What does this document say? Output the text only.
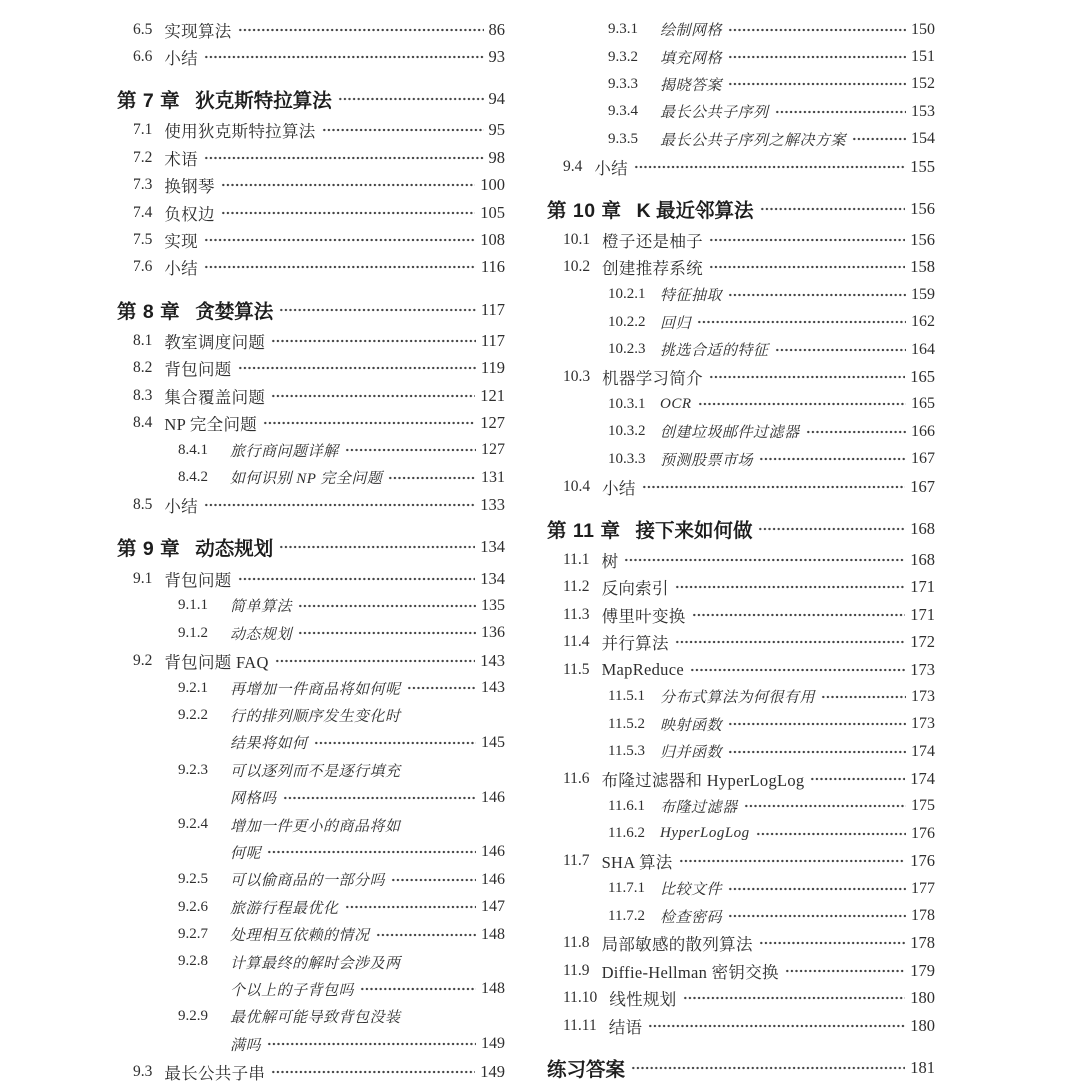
6.5 实现算法	86
6.6 小结	93
第 7 章 狄克斯特拉算法	94
7.1 使用狄克斯特拉算法	95
7.2 术语	98
7.3 换钢琴	100
7.4 负权边	105
7.5 实现	108
7.6 小结	116
第 8 章 贪婪算法	117
8.1 教室调度问题	117
8.2 背包问题	119
8.3 集合覆盖问题	121
8.4 NP 完全问题	127
8.4.1	旅行商问题详解	127
8.4.2	如何识别 NP 完全问题	131
8.5 小结	133
第 9 章 动态规划	134
9.1 背包问题	134
9.1.1	简单算法	135
9.1.2	动态规划	136
9.2 背包问题 FAQ	143
9.2.1	再增加一件商品将如何呢	143
9.2.2	行的排列顺序发生变化时
结果将如何	145
9.2.3	可以逐列而不是逐行填充
网格吗	146
9.2.4	增加一件更小的商品将如
何呢	146
9.2.5	可以偷商品的一部分吗	146
9.2.6	旅游行程最优化	147
9.2.7	处理相互依赖的情况	148
9.2.8	计算最终的解时会涉及两
个以上的子背包吗	148
9.2.9	最优解可能导致背包没装
满吗	149
9.3 最长公共子串	149
9.3.1	绘制网格	150
9.3.2	填充网格	151
9.3.3	揭晓答案	152
9.3.4	最长公共子序列	153
9.3.5	最长公共子序列之解决方案	154
9.4 小结	155
第 10 章 K 最近邻算法	156
10.1 橙子还是柚子	156
10.2 创建推荐系统	158
10.2.1 特征抽取	159
10.2.2 回归	162
10.2.3 挑选合适的特征	164
10.3 机器学习简介	165
10.3.1 OCR	165
10.3.2 创建垃圾邮件过滤器	166
10.3.3 预测股票市场	167
10.4 小结	167
第 11 章 接下来如何做	168
11.1 树	168
11.2 反向索引	171
11.3 傅里叶变换	171
11.4 并行算法	172
11.5 MapReduce	173
11.5.1	分布式算法为何很有用	173
11.5.2	映射函数	173
11.5.3	归并函数	174
11.6 布隆过滤器和 HyperLogLog	174
11.6.1	布隆过滤器	175
11.6.2	HyperLogLog	176
11.7 SHA 算法	176
11.7.1	比较文件	177
11.7.2	检查密码	178
11.8 局部敏感的散列算法	178
11.9 Diffie-Hellman 密钥交换	179
11.10 线性规划	180
11.11 结语	180
练习答案	181
